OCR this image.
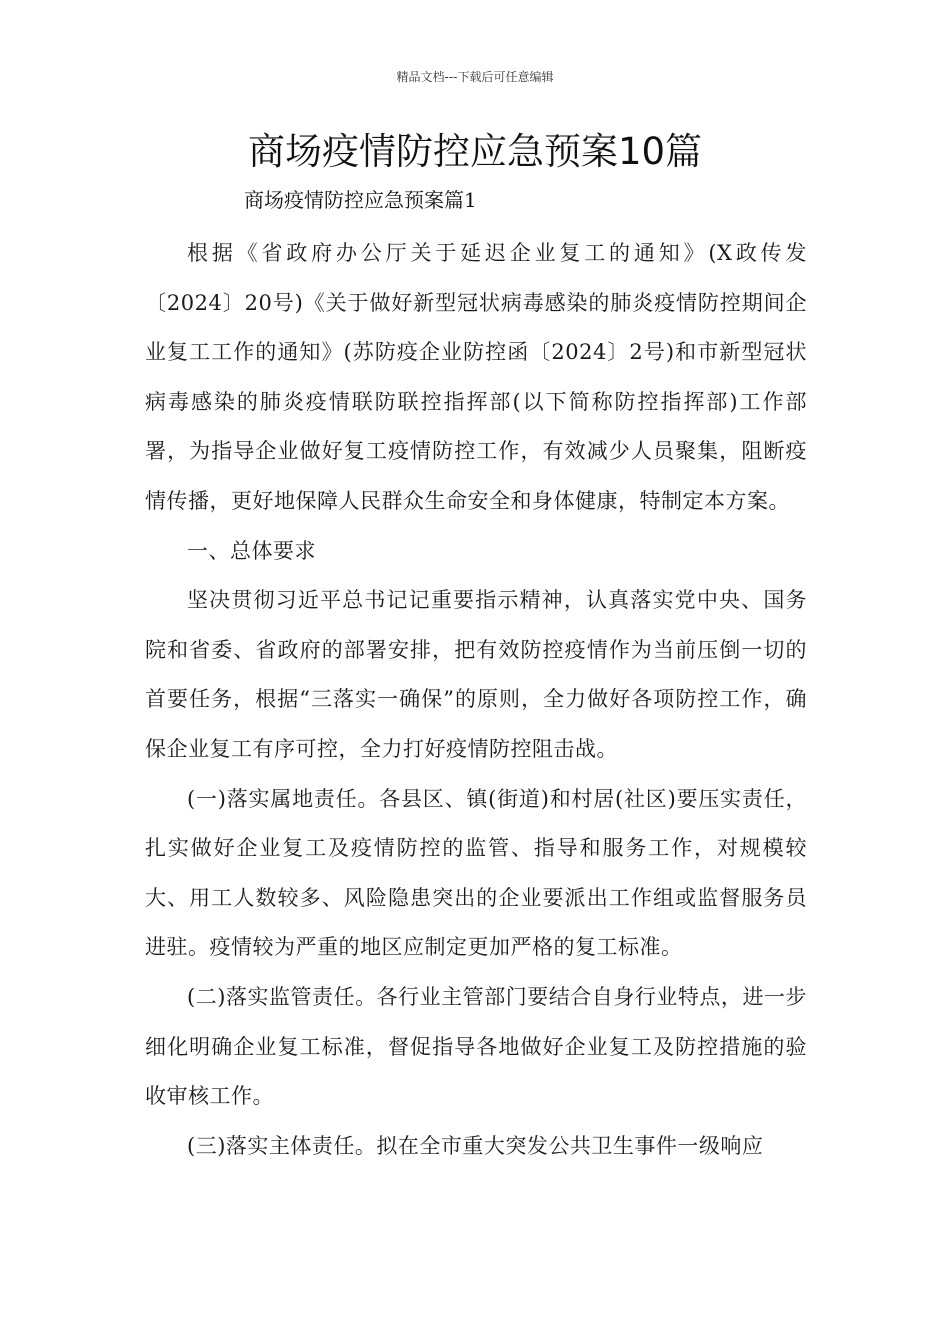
精品文档---下载后可任意编辑
商场疫情防控应急预案10篇
商场疫情防控应急预案篇1

根据《省政府办公厅关于延迟企业复工的通知》(X政传发〔2024〕20号)《关于做好新型冠状病毒感染的肺炎疫情防控期间企业复工工作的通知》(苏防疫企业防控函〔2024〕2号)和市新型冠状病毒感染的肺炎疫情联防联控指挥部(以下简称防控指挥部)工作部署，为指导企业做好复工疫情防控工作，有效减少人员聚集，阻断疫情传播，更好地保障人民群众生命安全和身体健康，特制定本方案。

一、总体要求

坚决贯彻习近平总书记记重要指示精神，认真落实党中央、国务院和省委、省政府的部署安排，把有效防控疫情作为当前压倒一切的首要任务，根据“三落实一确保”的原则，全力做好各项防控工作，确保企业复工有序可控，全力打好疫情防控阻击战。

(一)落实属地责任。各县区、镇(街道)和村居(社区)要压实责任，扎实做好企业复工及疫情防控的监管、指导和服务工作，对规模较大、用工人数较多、风险隐患突出的企业要派出工作组或监督服务员进驻。疫情较为严重的地区应制定更加严格的复工标准。

(二)落实监管责任。各行业主管部门要结合自身行业特点，进一步细化明确企业复工标准，督促指导各地做好企业复工及防控措施的验收审核工作。

(三)落实主体责任。拟在全市重大突发公共卫生事件一级响应
